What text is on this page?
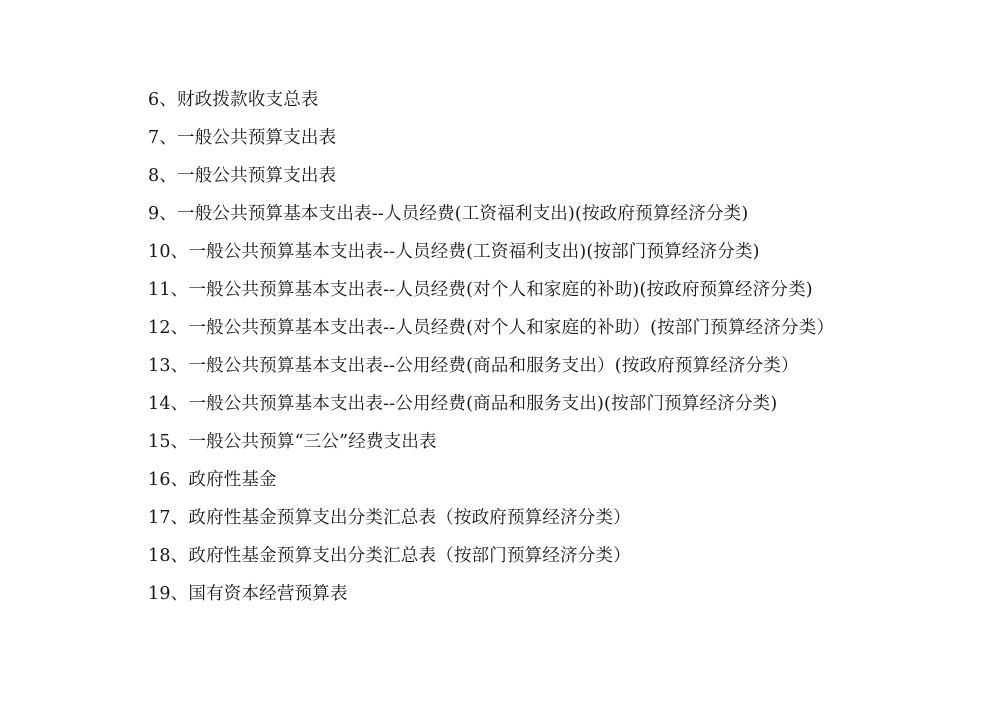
6、财政拨款收支总表

7、一般公共预算支出表

8、一般公共预算支出表

9、一般公共预算基本支出表--人员经费(工资福利支出)(按政府预算经济分类)

10、一般公共预算基本支出表--人员经费(工资福利支出)(按部门预算经济分类)

11、一般公共预算基本支出表--人员经费(对个人和家庭的补助)(按政府预算经济分类)

12、一般公共预算基本支出表--人员经费(对个人和家庭的补助）(按部门预算经济分类）

13、一般公共预算基本支出表--公用经费(商品和服务支出）(按政府预算经济分类）

14、一般公共预算基本支出表--公用经费(商品和服务支出)(按部门预算经济分类)

15、一般公共预算“三公”经费支出表

16、政府性基金

17、政府性基金预算支出分类汇总表（按政府预算经济分类）

18、政府性基金预算支出分类汇总表（按部门预算经济分类）

19、国有资本经营预算表
